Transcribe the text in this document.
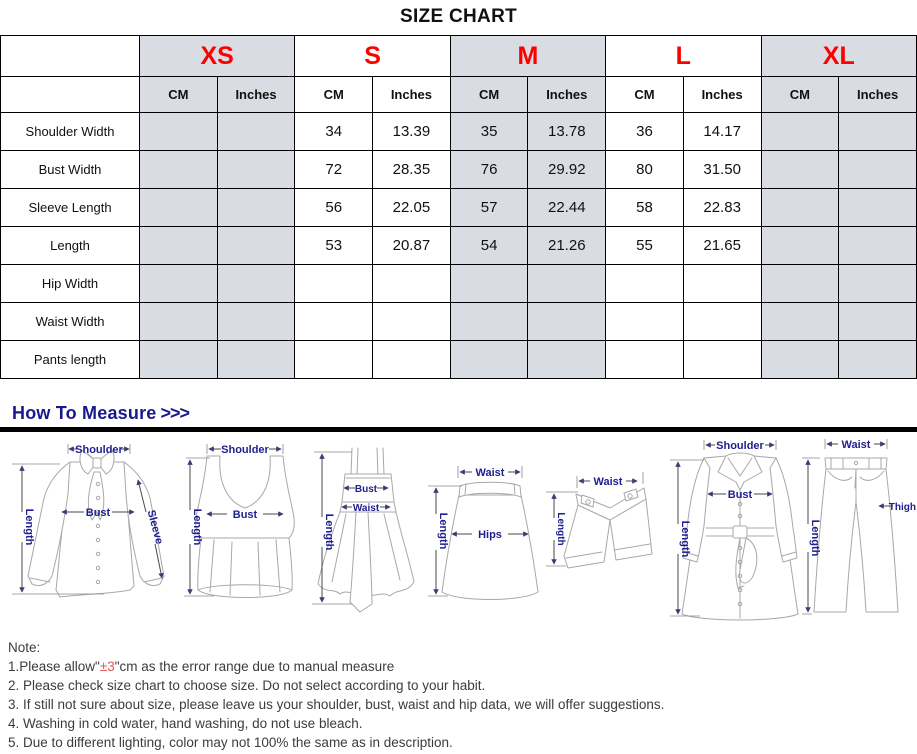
SIZE CHART
	XS		S		M		L		XL	
	CM	Inches	CM	Inches	CM	Inches	CM	Inches	CM	Inches
Shoulder Width			34	13.39	35	13.78	36	14.17		
Bust Width			72	28.35	76	29.92	80	31.50		
Sleeve Length			56	22.05	57	22.44	58	22.83		
Length			53	20.87	54	21.26	55	21.65		
Hip Width										
Waist Width										
Pants length										
How To Measure >>>
Shoulder
Length	Bust	Sleeve
Shoulder
Length	Bust
Bust
Waist
Length
Waist
Length	Hips
Waist
Length
Shoulder
Bust
Length
Waist
Length
Thigh
Note:
1.Please allow"±3"cm as the error range due to manual measure
2. Please check size chart to choose size. Do not select according to your habit.
3. If still not sure about size, please leave us your shoulder, bust, waist and hip data, we will offer suggestions.
4. Washing in cold water, hand washing, do not use bleach.
5. Due to different lighting, color may not 100% the same as in description.
